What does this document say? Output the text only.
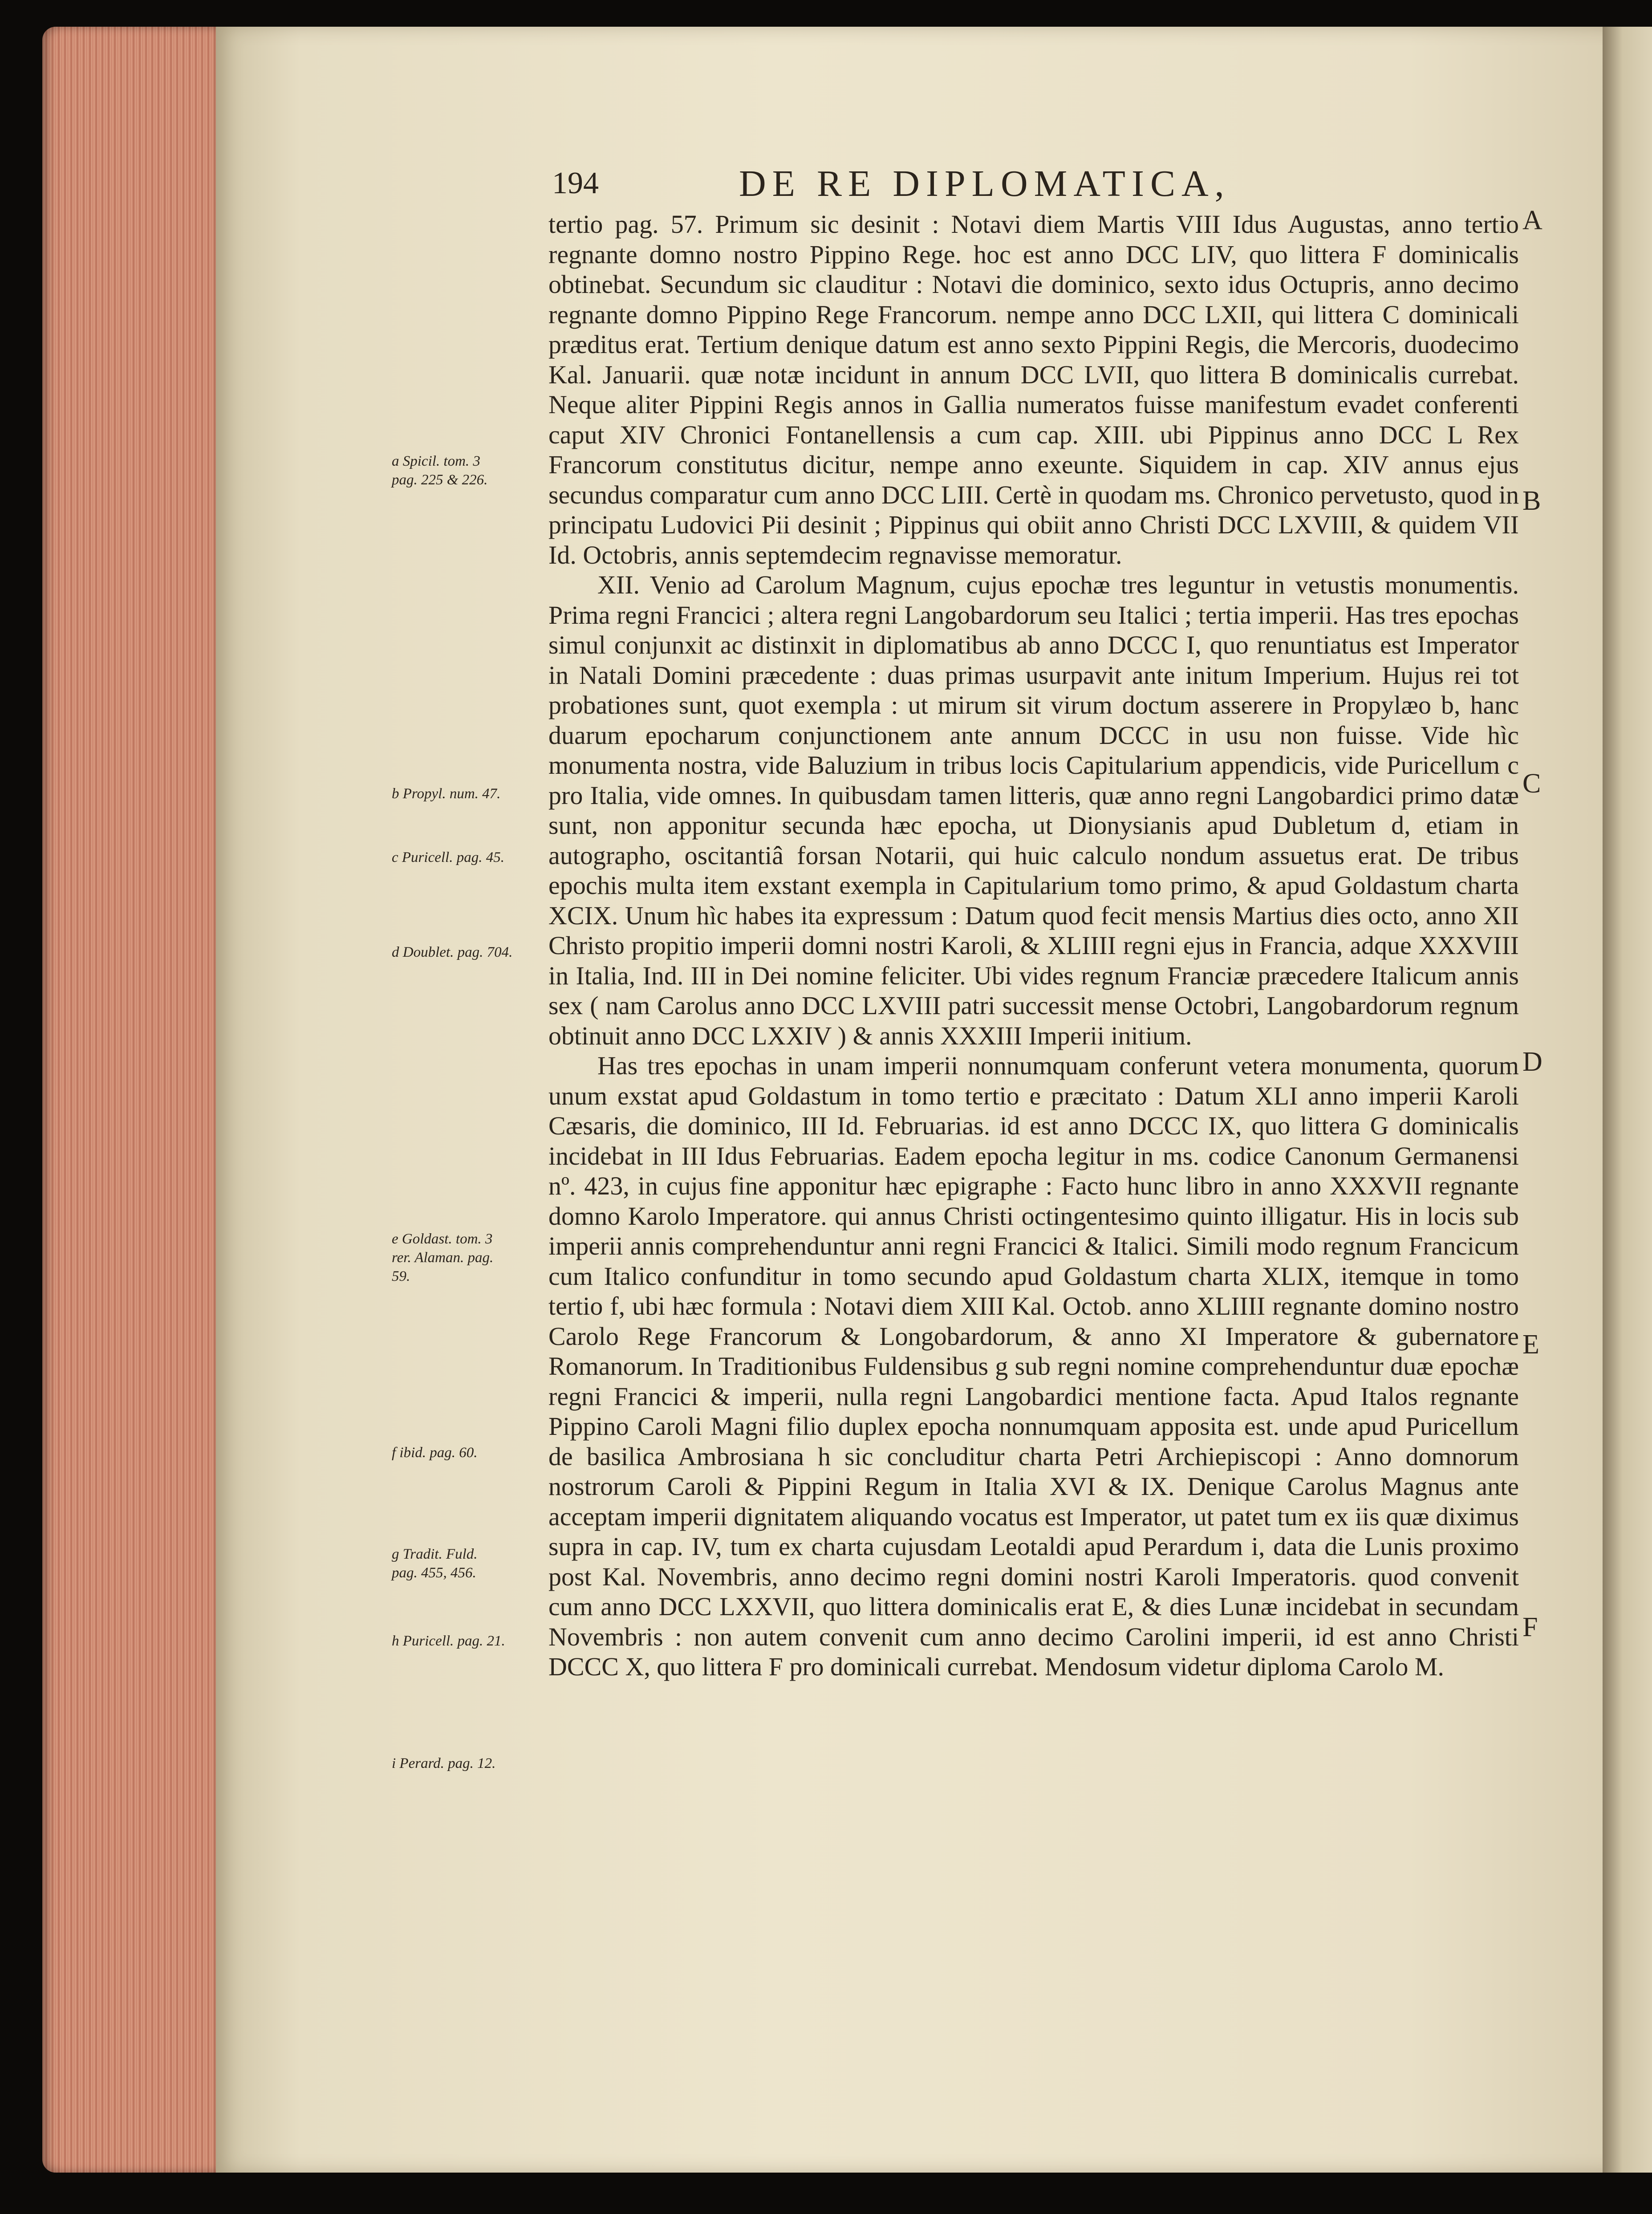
194	DE RE DIPLOMATICA,

tertio pag. 57. Primum sic desinit : Notavi diem Martis VIII Idus Augustas, anno tertio regnante domno nostro Pippino Rege. hoc est anno DCC LIV, quo littera F dominicalis obtinebat. Secundum sic clauditur : Notavi die dominico, sexto idus Octupris, anno decimo regnante domno Pippino Rege Francorum. nempe anno DCC LXII, qui littera C dominicali præditus erat. Tertium denique datum est anno sexto Pippini Regis, die Mercoris, duodecimo Kal. Januarii. quæ notæ incidunt in annum DCC LVII, quo littera B dominicalis currebat. Neque aliter Pippini Regis annos in Gallia numeratos fuisse manifestum evadet conferenti caput XIV Chronici Fontanellensis a cum cap. XIII. ubi Pippinus anno DCC L Rex Francorum constitutus dicitur, nempe anno exeunte. Siquidem in cap. XIV annus ejus secundus comparatur cum anno DCC LIII. Certè in quodam ms. Chronico pervetusto, quod in principatu Ludovici Pii desinit ; Pippinus qui obiit anno Christi DCC LXVIII, & quidem VII Id. Octobris, annis septemdecim regnavisse memoratur.

XII. Venio ad Carolum Magnum, cujus epochæ tres leguntur in vetustis monumentis. Prima regni Francici ; altera regni Langobardorum seu Italici ; tertia imperii. Has tres epochas simul conjunxit ac distinxit in diplomatibus ab anno DCCC I, quo renuntiatus est Imperator in Natali Domini præcedente : duas primas usurpavit ante initum Imperium. Hujus rei tot probationes sunt, quot exempla : ut mirum sit virum doctum asserere in Propylæo b, hanc duarum epocharum conjunctionem ante annum DCCC in usu non fuisse. Vide hìc monumenta nostra, vide Baluzium in tribus locis Capitularium appendicis, vide Puricellum c pro Italia, vide omnes. In quibusdam tamen litteris, quæ anno regni Langobardici primo datæ sunt, non apponitur secunda hæc epocha, ut Dionysianis apud Dubletum d, etiam in autographo, oscitantiâ forsan Notarii, qui huic calculo nondum assuetus erat. De tribus epochis multa item exstant exempla in Capitularium tomo primo, & apud Goldastum charta XCIX. Unum hìc habes ita expressum : Datum quod fecit mensis Martius dies octo, anno XII Christo propitio imperii domni nostri Karoli, & XLIIII regni ejus in Francia, adque XXXVIII in Italia, Ind. III in Dei nomine feliciter. Ubi vides regnum Franciæ præcedere Italicum annis sex ( nam Carolus anno DCC LXVIII patri successit mense Octobri, Langobardorum regnum obtinuit anno DCC LXXIV ) & annis XXXIII Imperii initium.

Has tres epochas in unam imperii nonnumquam conferunt vetera monumenta, quorum unum exstat apud Goldastum in tomo tertio e præcitato : Datum XLI anno imperii Karoli Cæsaris, die dominico, III Id. Februarias. id est anno DCCC IX, quo littera G dominicalis incidebat in III Idus Februarias. Eadem epocha legitur in ms. codice Canonum Germanensi nº. 423, in cujus fine apponitur hæc epigraphe : Facto hunc libro in anno XXXVII regnante domno Karolo Imperatore. qui annus Christi octingentesimo quinto illigatur. His in locis sub imperii annis comprehenduntur anni regni Francici & Italici. Simili modo regnum Francicum cum Italico confunditur in tomo secundo apud Goldastum charta XLIX, itemque in tomo tertio f, ubi hæc formula : Notavi diem XIII Kal. Octob. anno XLIIII regnante domino nostro Carolo Rege Francorum & Longobardorum, & anno XI Imperatore & gubernatore Romanorum. In Traditionibus Fuldensibus g sub regni nomine comprehenduntur duæ epochæ regni Francici & imperii, nulla regni Langobardici mentione facta. Apud Italos regnante Pippino Caroli Magni filio duplex epocha nonnumquam apposita est. unde apud Puricellum de basilica Ambrosiana h sic concluditur charta Petri Archiepiscopi : Anno domnorum nostrorum Caroli & Pippini Regum in Italia XVI & IX. Denique Carolus Magnus ante acceptam imperii dignitatem aliquando vocatus est Imperator, ut patet tum ex iis quæ diximus supra in cap. IV, tum ex charta cujusdam Leotaldi apud Perardum i, data die Lunis proximo post Kal. Novembris, anno decimo regni domini nostri Karoli Imperatoris. quod convenit cum anno DCC LXXVII, quo littera dominicalis erat E, & dies Lunæ incidebat in secundam Novembris : non autem convenit cum anno decimo Carolini imperii, id est anno Christi DCCC X, quo littera F pro dominicali currebat. Mendosum videtur diploma Carolo M.

a Spicil. tom. 3
pag. 225 & 226.
b Propyl. num. 47.
c Puricell. pag. 45.
d Doublet. pag. 704.
e Goldast. tom. 3
rer. Alaman. pag.
59.
f ibid. pag. 60.
g Tradit. Fuld.
pag. 455, 456.
h Puricell. pag. 21.
i Perard. pag. 12.
A
B
C
D
E
F
